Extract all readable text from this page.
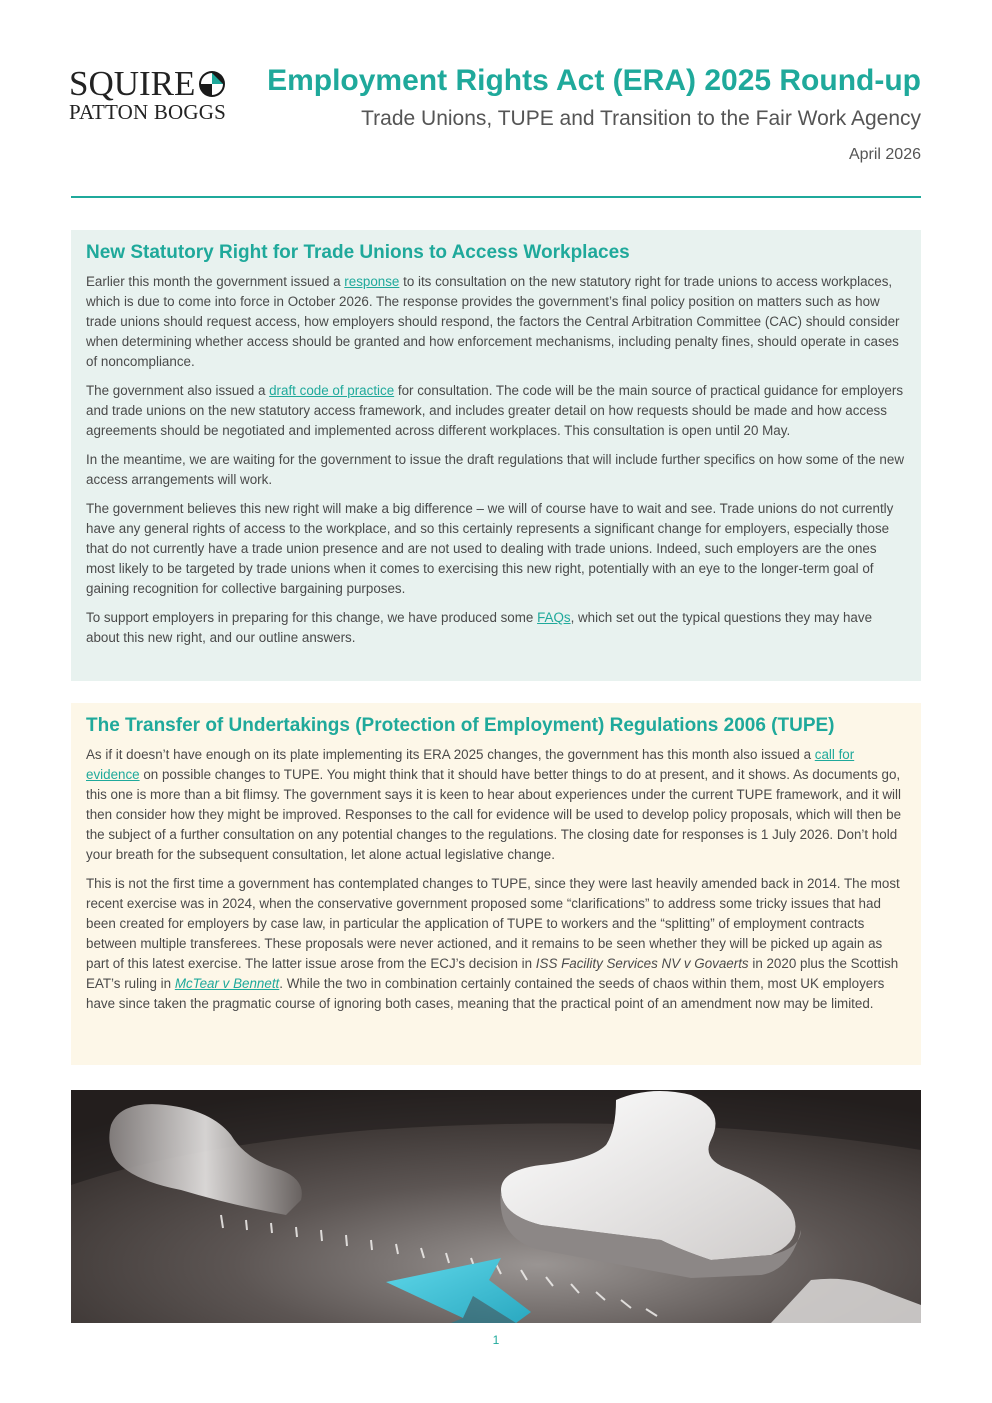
SQUIRE
PATTON BOGGS
Employment Rights Act (ERA) 2025 Round-up
Trade Unions, TUPE and Transition to the Fair Work Agency
April 2026
New Statutory Right for Trade Unions to Access Workplaces

Earlier this month the government issued a response to its consultation on the new statutory right for trade unions to access workplaces, which is due to come into force in October 2026. The response provides the government’s final policy position on matters such as how trade unions should request access, how employers should respond, the factors the Central Arbitration Committee (CAC) should consider when determining whether access should be granted and how enforcement mechanisms, including penalty fines, should operate in cases of noncompliance.

The government also issued a draft code of practice for consultation. The code will be the main source of practical guidance for employers and trade unions on the new statutory access framework, and includes greater detail on how requests should be made and how access agreements should be negotiated and implemented across different workplaces. This consultation is open until 20 May.

In the meantime, we are waiting for the government to issue the draft regulations that will include further specifics on how some of the new access arrangements will work.

The government believes this new right will make a big difference – we will of course have to wait and see. Trade unions do not currently have any general rights of access to the workplace, and so this certainly represents a significant change for employers, especially those that do not currently have a trade union presence and are not used to dealing with trade unions. Indeed, such employers are the ones most likely to be targeted by trade unions when it comes to exercising this new right, potentially with an eye to the longer-term goal of gaining recognition for collective bargaining purposes.

To support employers in preparing for this change, we have produced some FAQs, which set out the typical questions they may have about this new right, and our outline answers.

The Transfer of Undertakings (Protection of Employment) Regulations 2006 (TUPE)

As if it doesn’t have enough on its plate implementing its ERA 2025 changes, the government has this month also issued a call for evidence on possible changes to TUPE. You might think that it should have better things to do at present, and it shows. As documents go, this one is more than a bit flimsy. The government says it is keen to hear about experiences under the current TUPE framework, and it will then consider how they might be improved. Responses to the call for evidence will be used to develop policy proposals, which will then be the subject of a further consultation on any potential changes to the regulations. The closing date for responses is 1 July 2026. Don’t hold your breath for the subsequent consultation, let alone actual legislative change.

This is not the first time a government has contemplated changes to TUPE, since they were last heavily amended back in 2014. The most recent exercise was in 2024, when the conservative government proposed some “clarifications” to address some tricky issues that had been created for employers by case law, in particular the application of TUPE to workers and the “splitting” of employment contracts between multiple transferees. These proposals were never actioned, and it remains to be seen whether they will be picked up again as part of this latest exercise. The latter issue arose from the ECJ’s decision in ISS Facility Services NV v Govaerts in 2020 plus the Scottish EAT’s ruling in McTear v Bennett. While the two in combination certainly contained the seeds of chaos within them, most UK employers have since taken the pragmatic course of ignoring both cases, meaning that the practical point of an amendment now may be limited.

1
